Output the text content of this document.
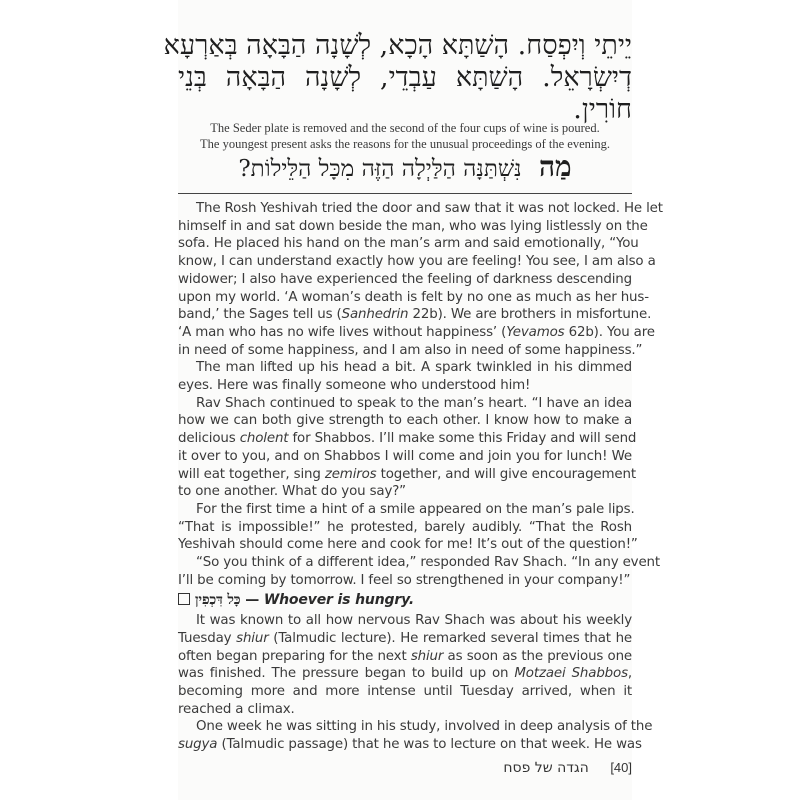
יֵיתֵי וְיִפְסַח. הָשַׁתָּא הָכָא, לְשָׁנָה הַבָּאָה בְּאַרְעָא
דְיִשְׂרָאֵל. הָשַׁתָּא עַבְדֵי, לְשָׁנָה הַבָּאָה בְּנֵי
חוֹרִין.
The Seder plate is removed and the second of the four cups of wine is poured.
The youngest present asks the reasons for the unusual proceedings of the evening.
מַה נִּשְׁתַּנָּה הַלַּיְלָה הַזֶּה מִכָּל הַלֵּילוֹת?
The Rosh Yeshivah tried the door and saw that it was not locked. He let
himself in and sat down beside the man, who was lying listlessly on the
sofa. He placed his hand on the man’s arm and said emotionally, “You
know, I can understand exactly how you are feeling! You see, I am also a
widower; I also have experienced the feeling of darkness descending
upon my world. ‘A woman’s death is felt by no one as much as her hus-
band,’ the Sages tell us (Sanhedrin 22b). We are brothers in misfortune.
‘A man who has no wife lives without happiness’ (Yevamos 62b). You are
in need of some happiness, and I am also in need of some happiness.”
The man lifted up his head a bit. A spark twinkled in his dimmed
eyes. Here was finally someone who understood him!
Rav Shach continued to speak to the man’s heart. “I have an idea
how we can both give strength to each other. I know how to make a
delicious cholent for Shabbos. I’ll make some this Friday and will send
it over to you, and on Shabbos I will come and join you for lunch! We
will eat together, sing zemiros together, and will give encouragement
to one another. What do you say?”
For the first time a hint of a smile appeared on the man’s pale lips.
“That is impossible!” he protested, barely audibly. “That the Rosh
Yeshivah should come here and cook for me! It’s out of the question!”
“So you think of a different idea,” responded Rav Shach. “In any event
I’ll be coming by tomorrow. I feel so strengthened in your company!”
כָּל דִּכְפִין — Whoever is hungry.
It was known to all how nervous Rav Shach was about his weekly
Tuesday shiur (Talmudic lecture). He remarked several times that he
often began preparing for the next shiur as soon as the previous one
was finished. The pressure began to build up on Motzaei Shabbos,
becoming more and more intense until Tuesday arrived, when it
reached a climax.
One week he was sitting in his study, involved in deep analysis of the
sugya (Talmudic passage) that he was to lecture on that week. He was
הגדה של פסח [40]
